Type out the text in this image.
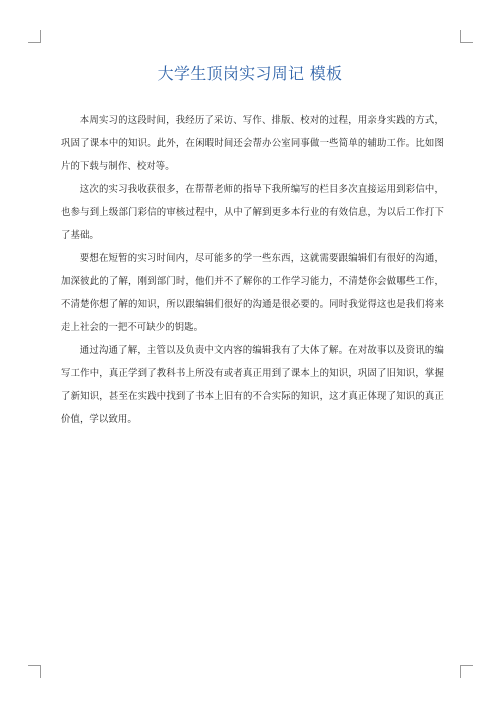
大学生顶岗实习周记 模板

本周实习的这段时间，我经历了采访、写作、排版、校对的过程，用亲身实践的方式，巩固了课本中的知识。此外，在闲暇时间还会帮办公室同事做一些简单的辅助工作。比如图片的下载与制作、校对等。

这次的实习我收获很多，在帮帮老师的指导下我所编写的栏目多次直接运用到彩信中，也参与到上级部门彩信的审核过程中，从中了解到更多本行业的有效信息，为以后工作打下了基础。

要想在短暂的实习时间内，尽可能多的学一些东西，这就需要跟编辑们有很好的沟通，加深彼此的了解，刚到部门时，他们并不了解你的工作学习能力，不清楚你会做哪些工作，不清楚你想了解的知识，所以跟编辑们很好的沟通是很必要的。同时我觉得这也是我们将来走上社会的一把不可缺少的钥匙。

通过沟通了解，主管以及负责中文内容的编辑我有了大体了解。在对故事以及资讯的编写工作中，真正学到了教科书上所没有或者真正用到了课本上的知识，巩固了旧知识，掌握了新知识，甚至在实践中找到了书本上旧有的不合实际的知识，这才真正体现了知识的真正价值，学以致用。
